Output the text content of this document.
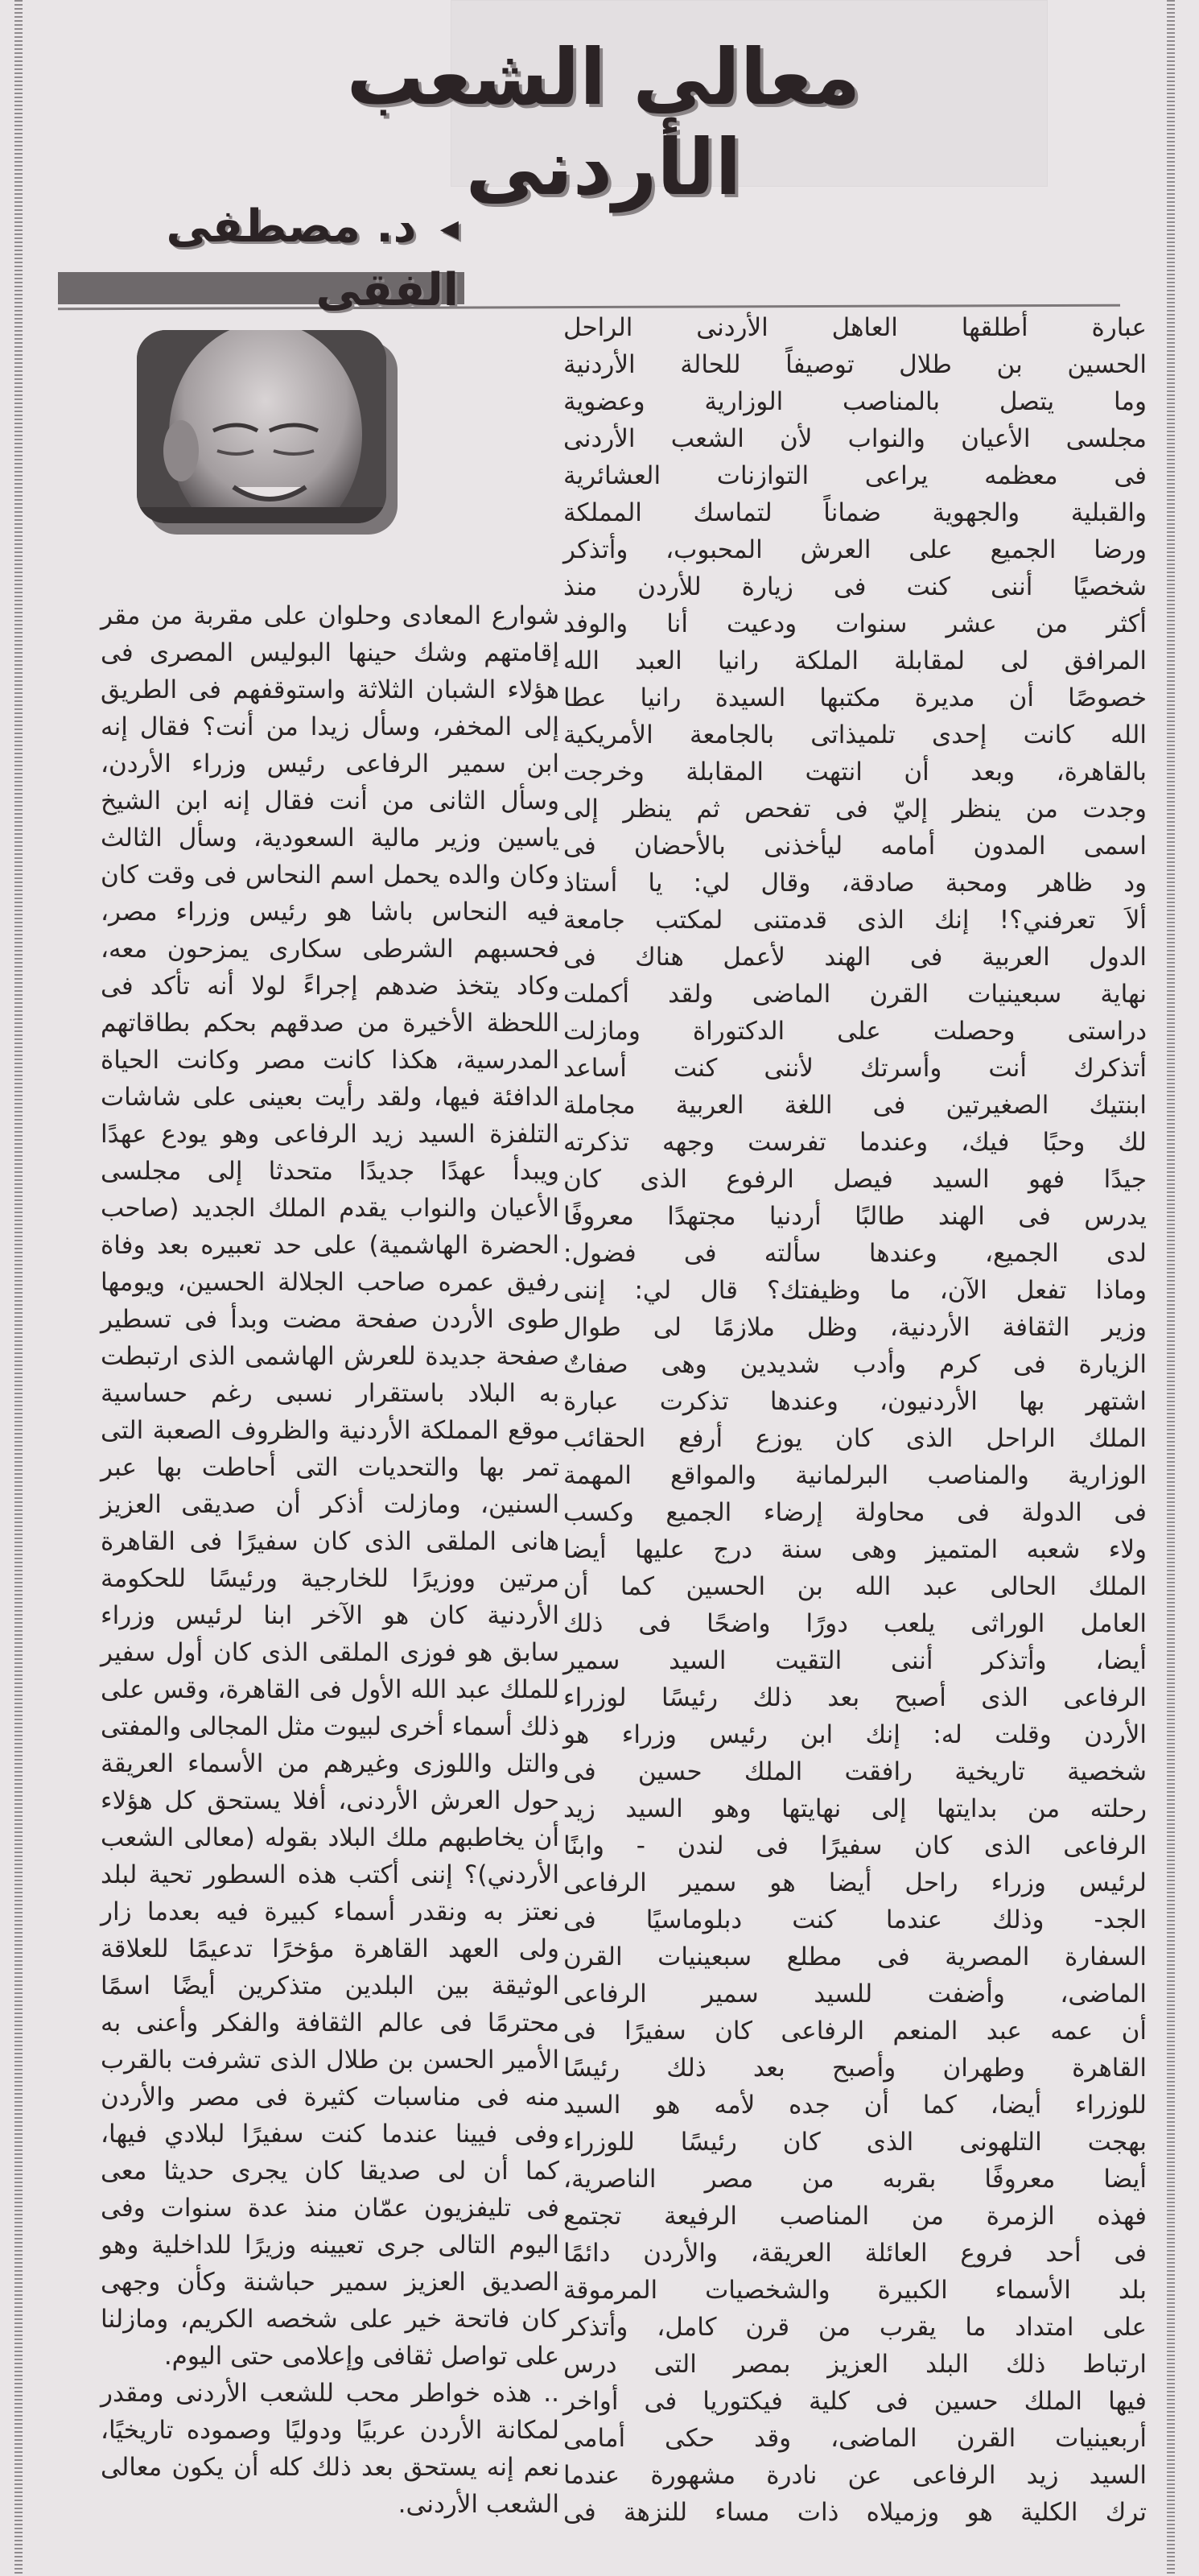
معالى الشعب الأردنى
◀ د. مصطفى الفقى
عبارة أطلقها العاهل الأردنى الراحل
الحسين بن طلال توصيفاً للحالة الأردنية
وما يتصل بالمناصب الوزارية وعضوية
مجلسى الأعيان والنواب لأن الشعب الأردنى
فى معظمه يراعى التوازنات العشائرية
والقبلية والجهوية ضماناً لتماسك المملكة
ورضا الجميع على العرش المحبوب، وأتذكر
شخصيًا أننى كنت فى زيارة للأردن منذ
أكثر من عشر سنوات ودعيت أنا والوفد
المرافق لى لمقابلة الملكة رانيا العبد الله
خصوصًا أن مديرة مكتبها السيدة رانيا عطا
الله كانت إحدى تلميذاتى بالجامعة الأمريكية
بالقاهرة، وبعد أن انتهت المقابلة وخرجت
وجدت من ينظر إليّ فى تفحص ثم ينظر إلى
اسمى المدون أمامه ليأخذنى بالأحضان فى
ود ظاهر ومحبة صادقة، وقال لي: يا أستاذ
ألاَ تعرفني؟! إنك الذى قدمتنى لمكتب جامعة
الدول العربية فى الهند لأعمل هناك فى
نهاية سبعينيات القرن الماضى ولقد أكملت
دراستى وحصلت على الدكتوراة ومازلت
أتذكرك أنت وأسرتك لأننى كنت أساعد
ابنتيك الصغيرتين فى اللغة العربية مجاملة
لك وحبًا فيك، وعندما تفرست وجهه تذكرته
جيدًا فهو السيد فيصل الرفوع الذى كان
يدرس فى الهند طالبًا أردنيا مجتهدًا معروفًا
لدى الجميع، وعندها سألته فى فضول:
وماذا تفعل الآن، ما وظيفتك؟ قال لي: إننى
وزير الثقافة الأردنية، وظل ملازمًا لى طوال
الزيارة فى كرم وأدب شديدين وهى صفاتٌ
اشتهر بها الأردنيون، وعندها تذكرت عبارة
الملك الراحل الذى كان يوزع أرفع الحقائب
الوزارية والمناصب البرلمانية والمواقع المهمة
فى الدولة فى محاولة إرضاء الجميع وكسب
ولاء شعبه المتميز وهى سنة درج عليها أيضا
الملك الحالى عبد الله بن الحسين كما أن
العامل الوراثى يلعب دورًا واضحًا فى ذلك
أيضا، وأتذكر أننى التقيت السيد سمير
الرفاعى الذى أصبح بعد ذلك رئيسًا لوزراء
الأردن وقلت له: إنك ابن رئيس وزراء هو
شخصية تاريخية رافقت الملك حسين فى
رحلته من بدايتها إلى نهايتها وهو السيد زيد
الرفاعى الذى كان سفيرًا فى لندن - وابنًا
لرئيس وزراء راحل أيضا هو سمير الرفاعى
الجد- وذلك عندما كنت دبلوماسيًا فى
السفارة المصرية فى مطلع سبعينيات القرن
الماضى، وأضفت للسيد سمير الرفاعى
أن عمه عبد المنعم الرفاعى كان سفيرًا فى
القاهرة وطهران وأصبح بعد ذلك رئيسًا
للوزراء أيضا، كما أن جده لأمه هو السيد
بهجت التلهونى الذى كان رئيسًا للوزراء
أيضا معروفًا بقربه من مصر الناصرية،
فهذه الزمرة من المناصب الرفيعة تجتمع
فى أحد فروع العائلة العريقة، والأردن دائمًا
بلد الأسماء الكبيرة والشخصيات المرموقة
على امتداد ما يقرب من قرن كامل، وأتذكر
ارتباط ذلك البلد العزيز بمصر التى درس
فيها الملك حسين فى كلية فيكتوريا فى أواخر
أربعينيات القرن الماضى، وقد حكى أمامى
السيد زيد الرفاعى عن نادرة مشهورة عندما
ترك الكلية هو وزميلاه ذات مساء للنزهة فى
شوارع المعادى وحلوان على مقربة من مقر
إقامتهم وشك حينها البوليس المصرى فى
هؤلاء الشبان الثلاثة واستوقفهم فى الطريق
إلى المخفر، وسأل زيدا من أنت؟ فقال إنه
ابن سمير الرفاعى رئيس وزراء الأردن،
وسأل الثانى من أنت فقال إنه ابن الشيخ
ياسين وزير مالية السعودية، وسأل الثالث
وكان والده يحمل اسم النحاس فى وقت كان
فيه النحاس باشا هو رئيس وزراء مصر،
فحسبهم الشرطى سكارى يمزحون معه،
وكاد يتخذ ضدهم إجراءً لولا أنه تأكد فى
اللحظة الأخيرة من صدقهم بحكم بطاقاتهم
المدرسية، هكذا كانت مصر وكانت الحياة
الدافئة فيها، ولقد رأيت بعينى على شاشات
التلفزة السيد زيد الرفاعى وهو يودع عهدًا
ويبدأ عهدًا جديدًا متحدثا إلى مجلسى
الأعيان والنواب يقدم الملك الجديد (صاحب
الحضرة الهاشمية) على حد تعبيره بعد وفاة
رفيق عمره صاحب الجلالة الحسين، ويومها
طوى الأردن صفحة مضت وبدأ فى تسطير
صفحة جديدة للعرش الهاشمى الذى ارتبطت
به البلاد باستقرار نسبى رغم حساسية
موقع المملكة الأردنية والظروف الصعبة التى
تمر بها والتحديات التى أحاطت بها عبر
السنين، ومازلت أذكر أن صديقى العزيز
هانى الملقى الذى كان سفيرًا فى القاهرة
مرتين ووزيرًا للخارجية ورئيسًا للحكومة
الأردنية كان هو الآخر ابنا لرئيس وزراء
سابق هو فوزى الملقى الذى كان أول سفير
للملك عبد الله الأول فى القاهرة، وقس على
ذلك أسماء أخرى لبيوت مثل المجالى والمفتى
والتل واللوزى وغيرهم من الأسماء العريقة
حول العرش الأردنى، أفلا يستحق كل هؤلاء
أن يخاطبهم ملك البلاد بقوله (معالى الشعب
الأردني)؟ إننى أكتب هذه السطور تحية لبلد
نعتز به ونقدر أسماء كبيرة فيه بعدما زار
ولى العهد القاهرة مؤخرًا تدعيمًا للعلاقة
الوثيقة بين البلدين متذكرين أيضًا اسمًا
محترمًا فى عالم الثقافة والفكر وأعنى به
الأمير الحسن بن طلال الذى تشرفت بالقرب
منه فى مناسبات كثيرة فى مصر والأردن
وفى فيينا عندما كنت سفيرًا لبلادي فيها،
كما أن لى صديقا كان يجرى حديثا معى
فى تليفزيون عمّان منذ عدة سنوات وفى
اليوم التالى جرى تعيينه وزيرًا للداخلية وهو
الصديق العزيز سمير حباشنة وكأن وجهى
كان فاتحة خير على شخصه الكريم، ومازلنا
على تواصل ثقافى وإعلامى حتى اليوم.
.. هذه خواطر محب للشعب الأردنى ومقدر
لمكانة الأردن عربيًا ودوليًا وصموده تاريخيًا،
نعم إنه يستحق بعد ذلك كله أن يكون معالى
الشعب الأردنى.
